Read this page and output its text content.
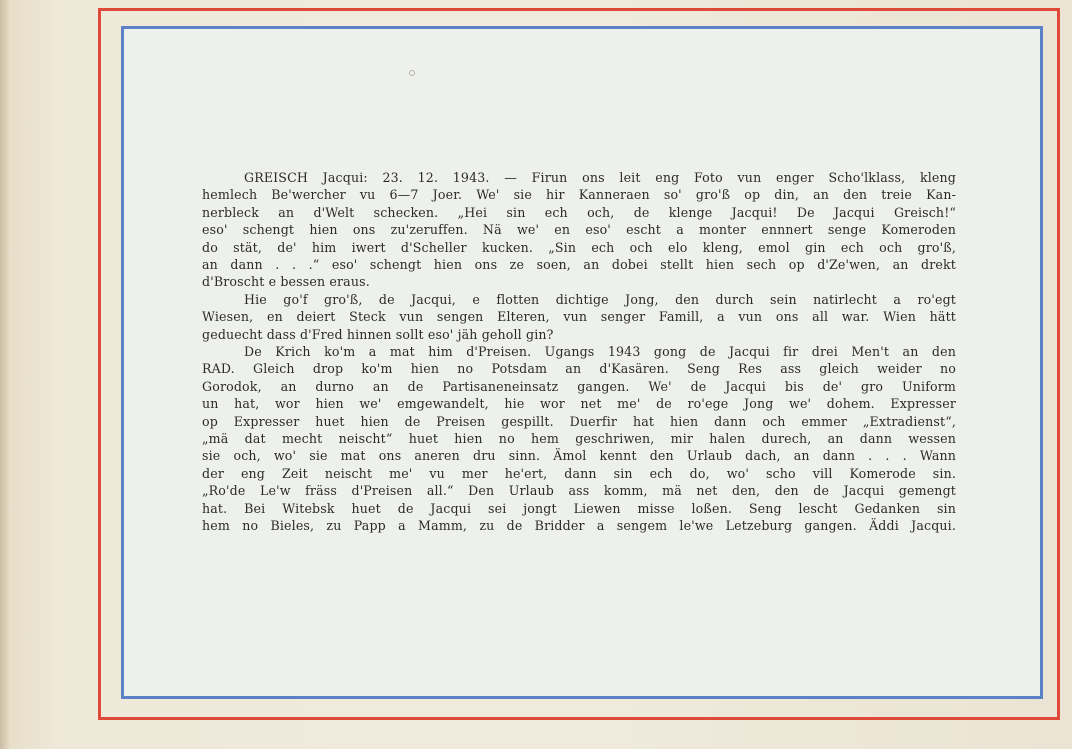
GREISCH Jacqui: 23. 12. 1943. — Firun ons leit eng Foto vun enger Scho'lklass, kleng
hemlech Be'wercher vu 6—7 Joer. We' sie hir Kanneraen so' gro'ß op din, an den treie Kan-
nerbleck an d'Welt schecken. „Hei sin ech och, de klenge Jacqui! De Jacqui Greisch!“
eso' schengt hien ons zu'zeruffen. Nä we' en eso' escht a monter ennnert senge Komeroden
do stät, de' him iwert d'Scheller kucken. „Sin ech och elo kleng, emol gin ech och gro'ß,
an dann . . .“ eso' schengt hien ons ze soen, an dobei stellt hien sech op d'Ze'wen, an drekt
d'Broscht e bessen eraus.
Hie go'f gro'ß, de Jacqui, e flotten dichtige Jong, den durch sein natirlecht a ro'egt
Wiesen, en deiert Steck vun sengen Elteren, vun senger Famill, a vun ons all war. Wien hätt
geduecht dass d'Fred hinnen sollt eso' jäh geholl gin?
De Krich ko'm a mat him d'Preisen. Ugangs 1943 gong de Jacqui fir drei Men't an den
RAD. Gleich drop ko'm hien no Potsdam an d'Kasären. Seng Res ass gleich weider no
Gorodok, an durno an de Partisaneneinsatz gangen. We' de Jacqui bis de' gro Uniform
un hat, wor hien we' emgewandelt, hie wor net me' de ro'ege Jong we' dohem. Expresser
op Expresser huet hien de Preisen gespillt. Duerfir hat hien dann och emmer „Extradienst“,
„mä dat mecht neischt“ huet hien no hem geschriwen, mir halen durech, an dann wessen
sie och, wo' sie mat ons aneren dru sinn. Ämol kennt den Urlaub dach, an dann . . . Wann
der eng Zeit neischt me' vu mer he'ert, dann sin ech do, wo' scho vill Komerode sin.
„Ro'de Le'w fräss d'Preisen all.“ Den Urlaub ass komm, mä net den, den de Jacqui gemengt
hat. Bei Witebsk huet de Jacqui sei jongt Liewen misse loßen. Seng lescht Gedanken sin
hem no Bieles, zu Papp a Mamm, zu de Bridder a sengem le'we Letzeburg gangen. Äddi Jacqui.
